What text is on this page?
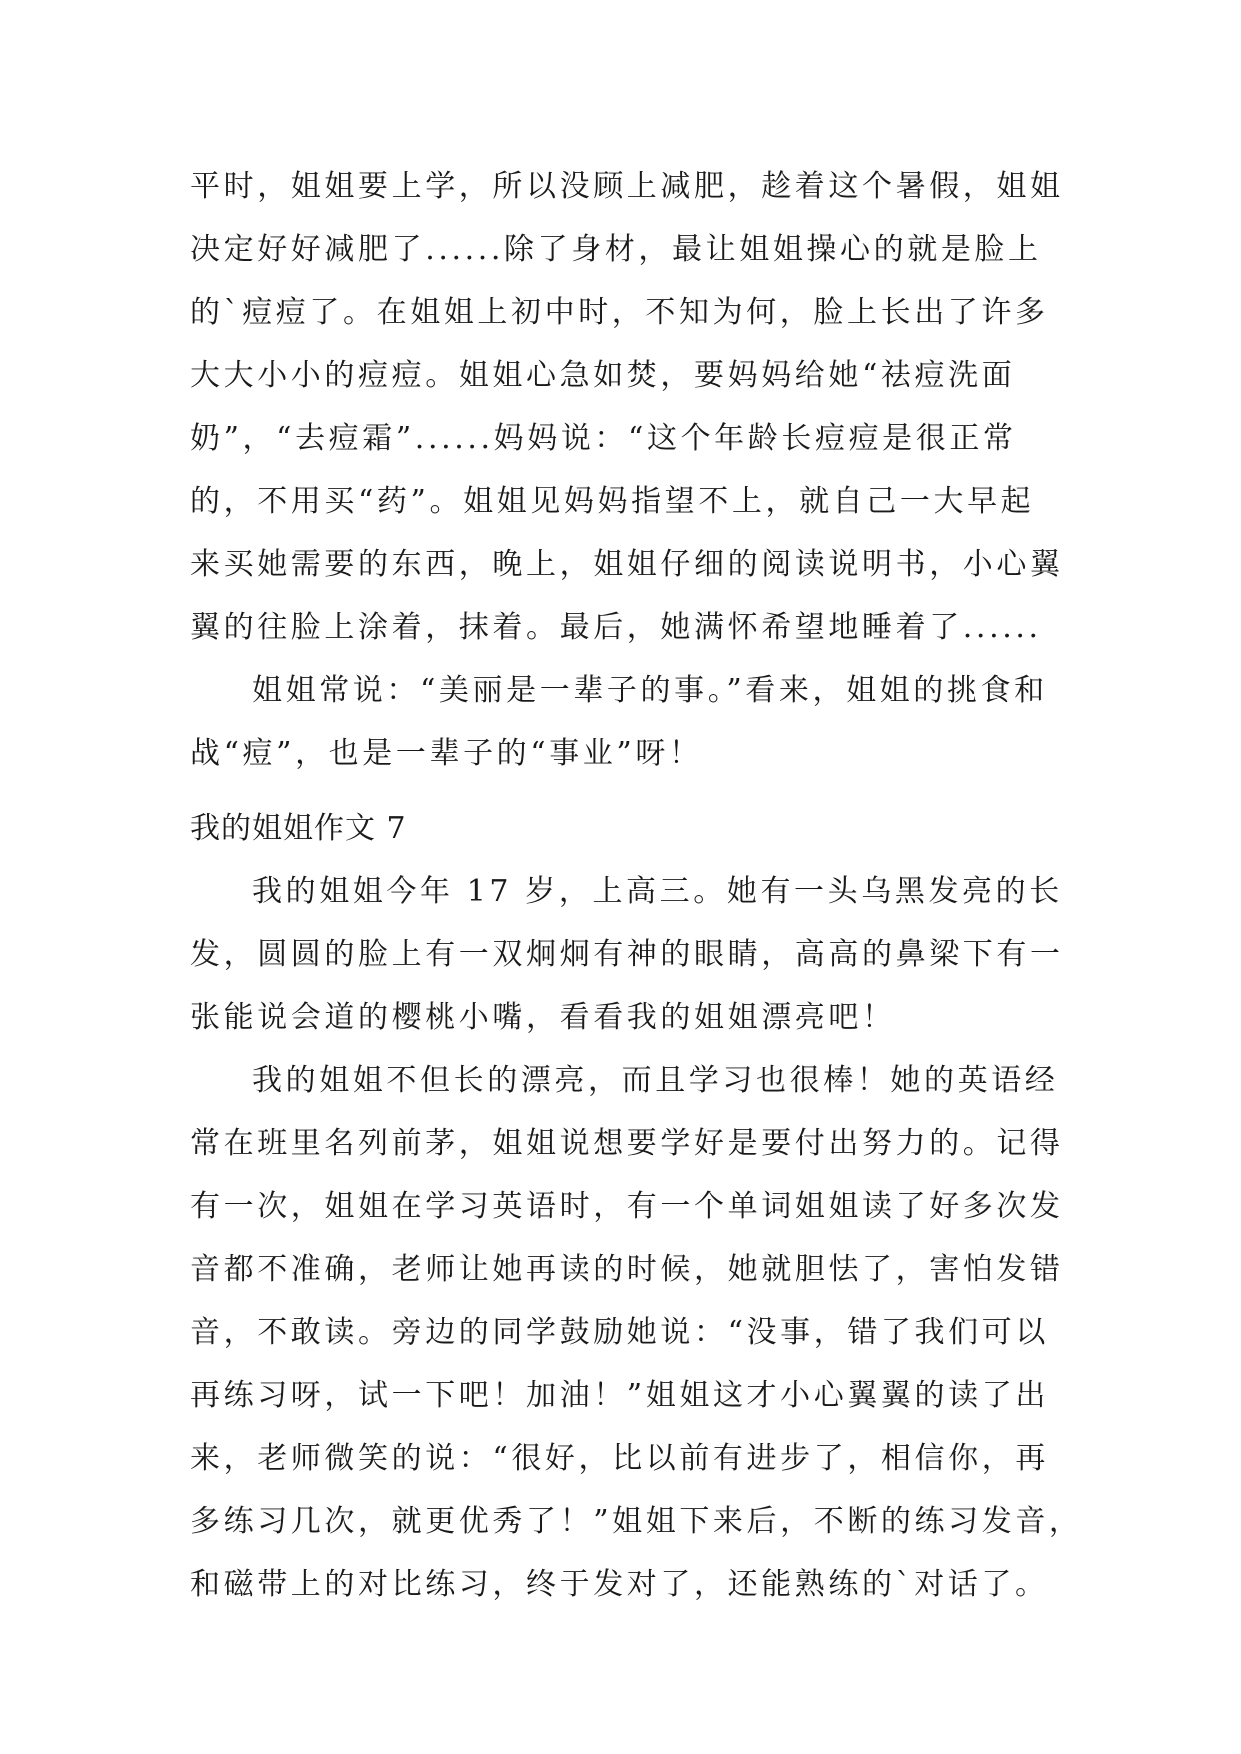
平时，姐姐要上学，所以没顾上减肥，趁着这个暑假，姐姐
决定好好减肥了......除了身材，最让姐姐操心的就是脸上
的`痘痘了。在姐姐上初中时，不知为何，脸上长出了许多
大大小小的痘痘。姐姐心急如焚，要妈妈给她“祛痘洗面
奶”，“去痘霜”......妈妈说：“这个年龄长痘痘是很正常
的，不用买“药”。姐姐见妈妈指望不上，就自己一大早起
来买她需要的东西，晚上，姐姐仔细的阅读说明书，小心翼
翼的往脸上涂着，抹着。最后，她满怀希望地睡着了......
姐姐常说：“美丽是一辈子的事。”看来，姐姐的挑食和
战“痘”，也是一辈子的“事业”呀！
我的姐姐作文 7
我的姐姐今年 17 岁，上高三。她有一头乌黑发亮的长
发，圆圆的脸上有一双炯炯有神的眼睛，高高的鼻梁下有一
张能说会道的樱桃小嘴，看看我的姐姐漂亮吧！
我的姐姐不但长的漂亮，而且学习也很棒！她的英语经
常在班里名列前茅，姐姐说想要学好是要付出努力的。记得
有一次，姐姐在学习英语时，有一个单词姐姐读了好多次发
音都不准确，老师让她再读的时候，她就胆怯了，害怕发错
音，不敢读。旁边的同学鼓励她说：“没事，错了我们可以
再练习呀，试一下吧！加油！”姐姐这才小心翼翼的读了出
来，老师微笑的说：“很好，比以前有进步了，相信你，再
多练习几次，就更优秀了！”姐姐下来后，不断的练习发音，
和磁带上的对比练习，终于发对了，还能熟练的`对话了。
